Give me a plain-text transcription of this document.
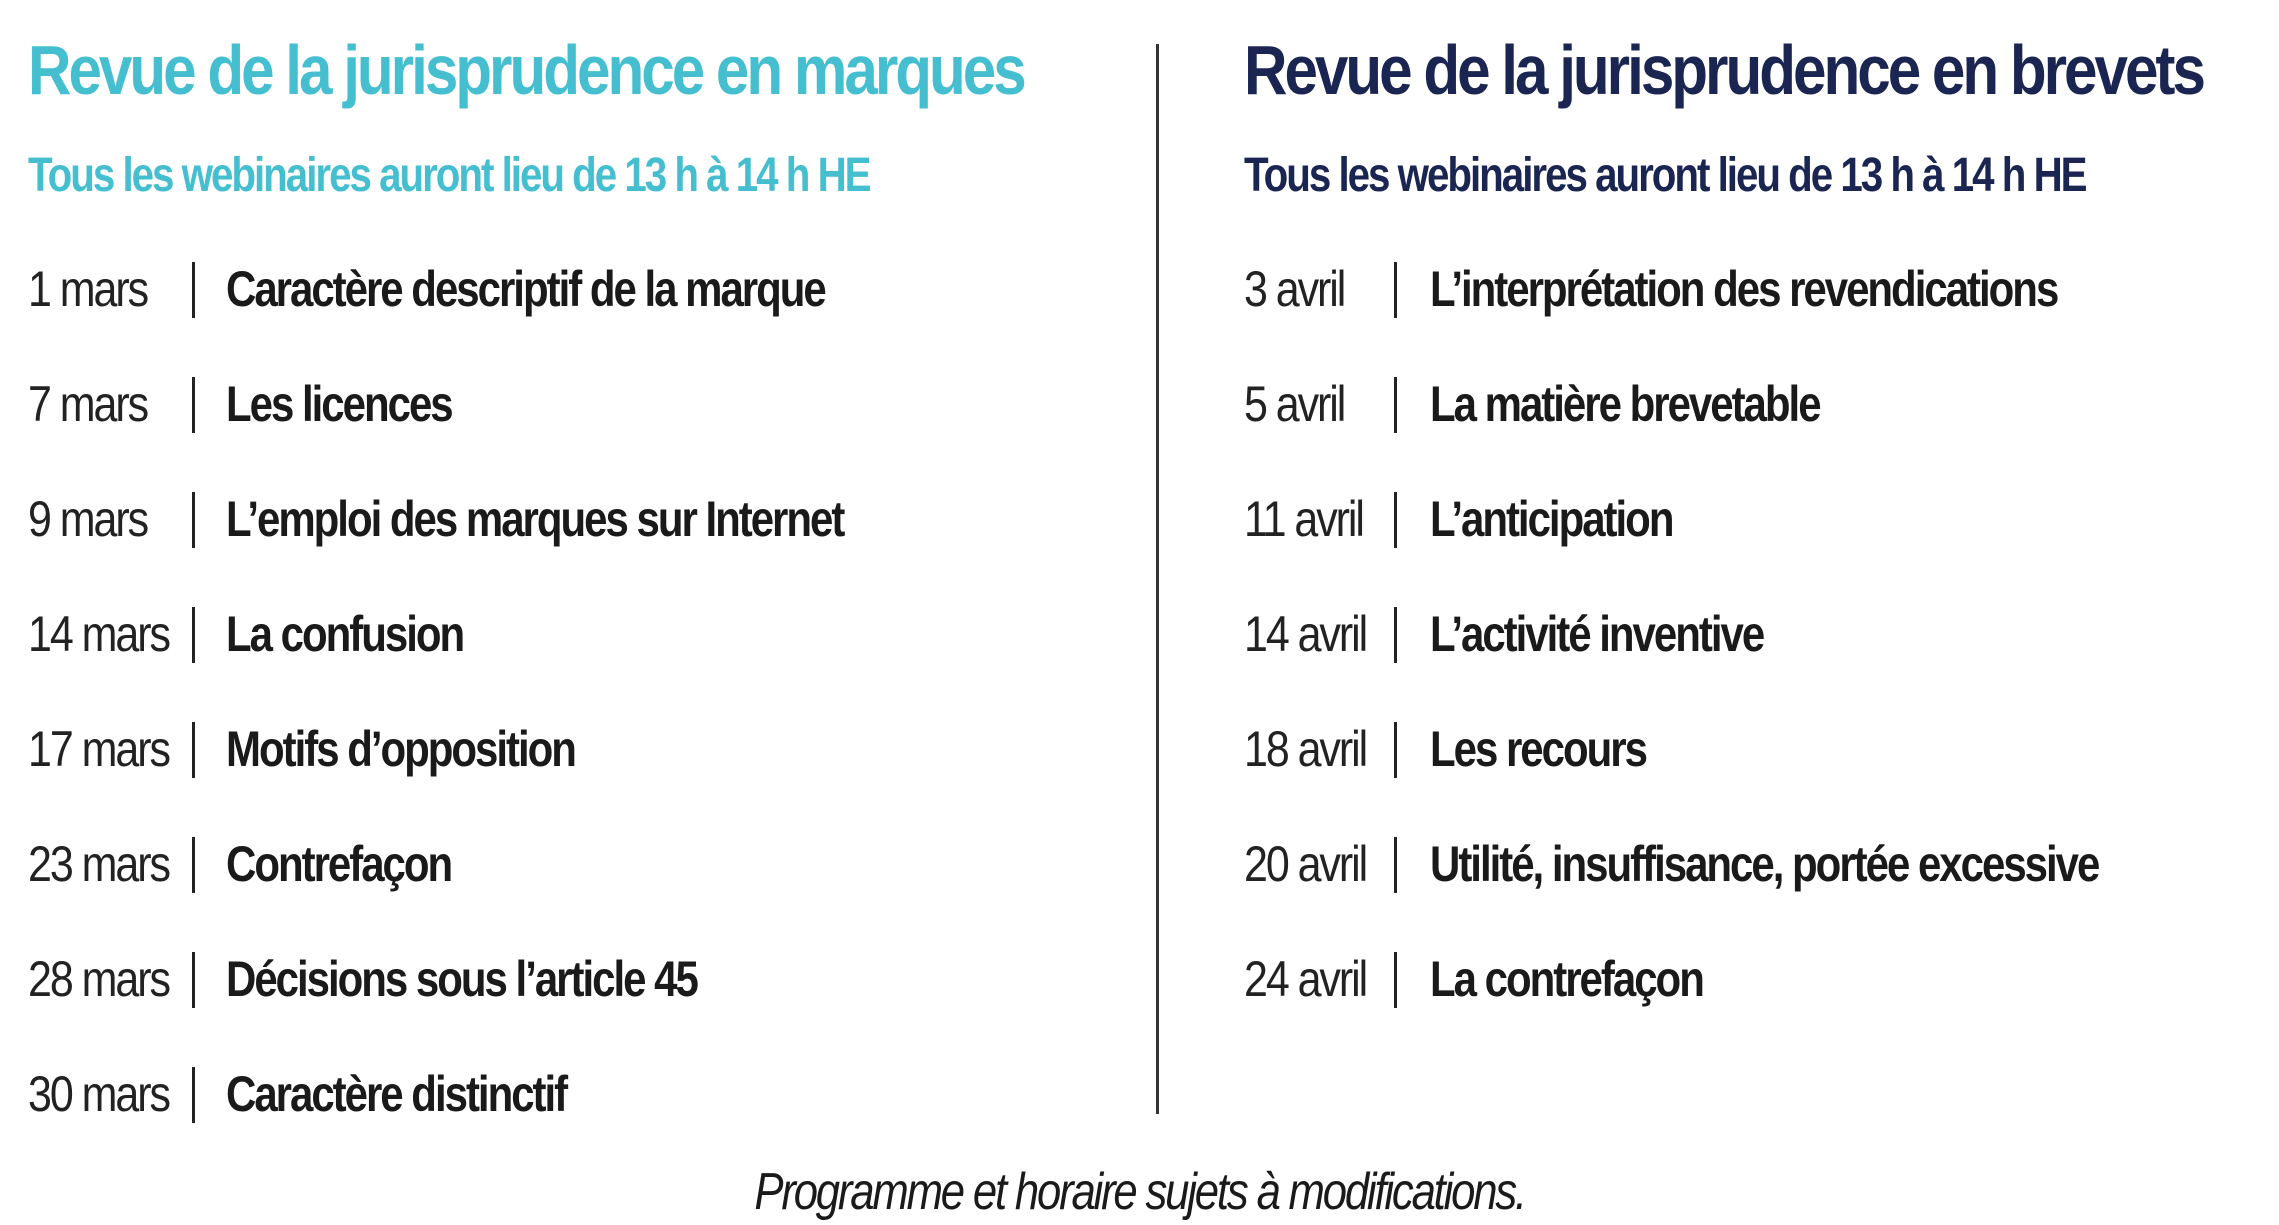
Revue de la jurisprudence en marques
Tous les webinaires auront lieu de 13 h à 14 h HE
1 mars Caractère descriptif de la marque
7 mars Les licences
9 mars L’emploi des marques sur Internet
14 mars La confusion
17 mars Motifs d’opposition
23 mars Contrefaçon
28 mars Décisions sous l’article 45
30 mars Caractère distinctif
Revue de la jurisprudence en brevets
Tous les webinaires auront lieu de 13 h à 14 h HE
3 avril L’interprétation des revendications
5 avril La matière brevetable
11 avril L’anticipation
14 avril L’activité inventive
18 avril Les recours
20 avril Utilité, insuffisance, portée excessive
24 avril La contrefaçon
Programme et horaire sujets à modifications.
